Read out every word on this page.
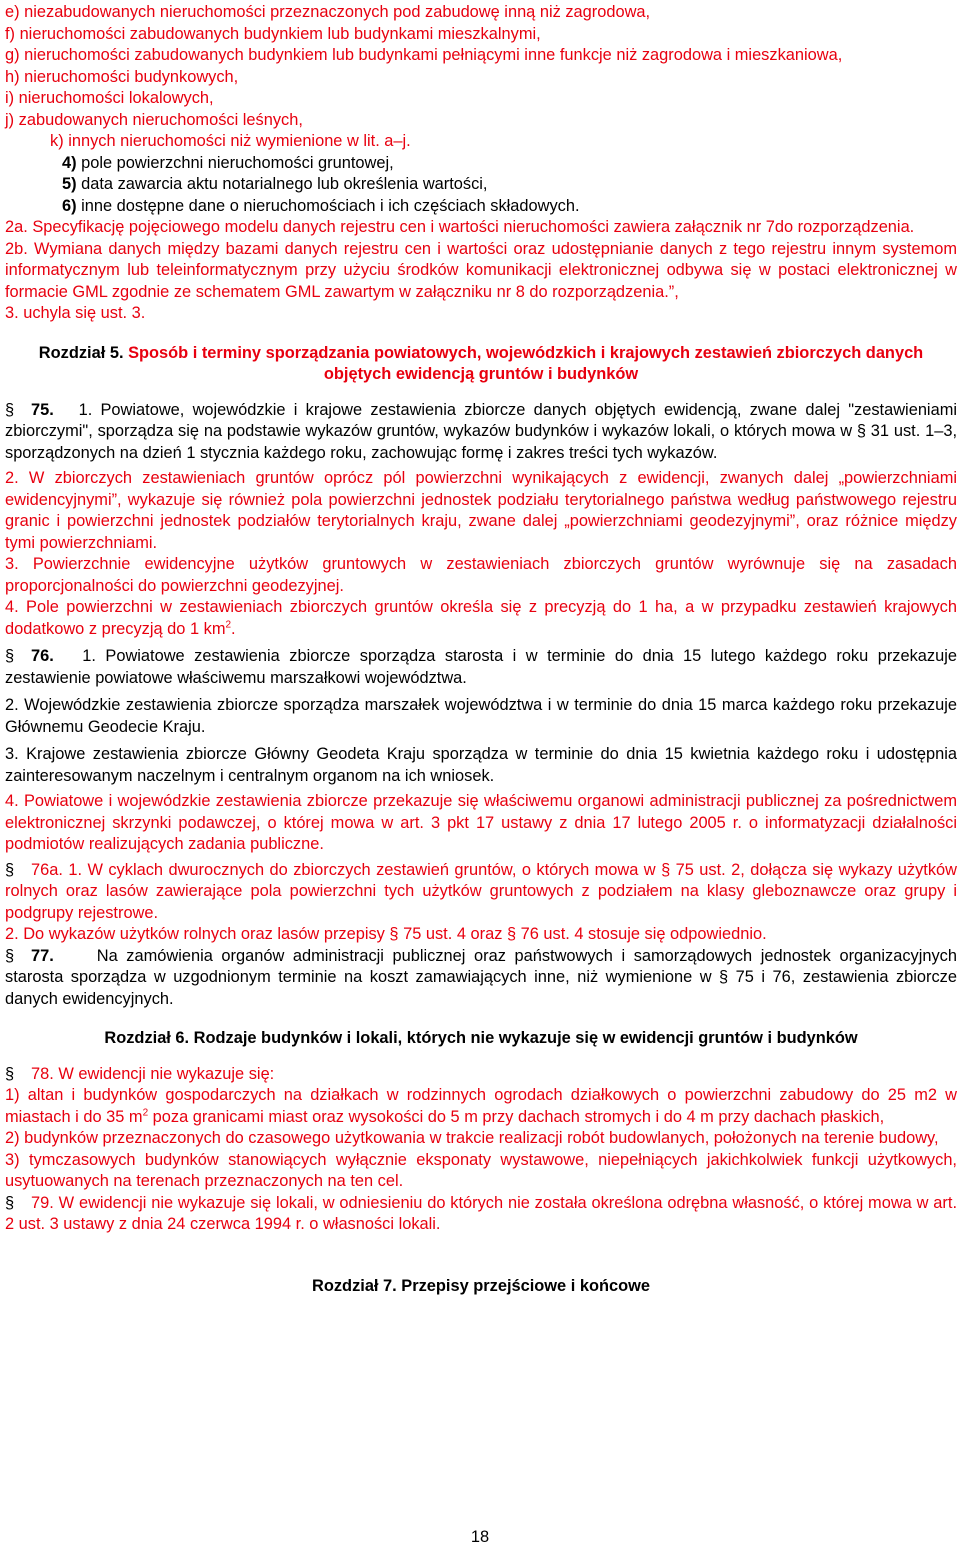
e) niezabudowanych nieruchomości przeznaczonych pod zabudowę inną niż zagrodowa,

f) nieruchomości zabudowanych budynkiem lub budynkami mieszkalnymi,

g) nieruchomości zabudowanych budynkiem lub budynkami pełniącymi inne funkcje niż zagrodowa i mieszkaniowa,

h) nieruchomości budynkowych,

i) nieruchomości lokalowych,

j) zabudowanych nieruchomości leśnych,

k) innych nieruchomości niż wymienione w lit. a–j.

4) pole powierzchni nieruchomości gruntowej,

5) data zawarcia aktu notarialnego lub określenia wartości,

6) inne dostępne dane o nieruchomościach i ich częściach składowych.

2a. Specyfikację pojęciowego modelu danych rejestru cen i wartości nieruchomości zawiera załącznik nr 7do rozporządzenia.

2b. Wymiana danych między bazami danych rejestru cen i wartości oraz udostępnianie danych z tego rejestru innym systemom informatycznym lub teleinformatycznym przy użyciu środków komunikacji elektronicznej odbywa się w postaci elektronicznej w formacie GML zgodnie ze schematem GML zawartym w załączniku nr 8 do rozporządzenia.”,

3. uchyla się ust. 3.

Rozdział 5. Sposób i terminy sporządzania powiatowych, wojewódzkich i krajowych zestawień zbiorczych danych objętych ewidencją gruntów i budynków

§ 75. 1. Powiatowe, wojewódzkie i krajowe zestawienia zbiorcze danych objętych ewidencją, zwane dalej "zestawieniami zbiorczymi", sporządza się na podstawie wykazów gruntów, wykazów budynków i wykazów lokali, o których mowa w § 31 ust. 1–3, sporządzonych na dzień 1 stycznia każdego roku, zachowując formę i zakres treści tych wykazów.

2. W zbiorczych zestawieniach gruntów oprócz pól powierzchni wynikających z ewidencji, zwanych dalej „powierzchniami ewidencyjnymi”, wykazuje się również pola powierzchni jednostek podziału terytorialnego państwa według państwowego rejestru granic i powierzchni jednostek podziałów terytorialnych kraju, zwane dalej „powierzchniami geodezyjnymi”, oraz różnice między tymi powierzchniami.

3. Powierzchnie ewidencyjne użytków gruntowych w zestawieniach zbiorczych gruntów wyrównuje się na zasadach proporcjonalności do powierzchni geodezyjnej.

4. Pole powierzchni w zestawieniach zbiorczych gruntów określa się z precyzją do 1 ha, a w przypadku zestawień krajowych dodatkowo z precyzją do 1 $km^2$.

§ 76. 1. Powiatowe zestawienia zbiorcze sporządza starosta i w terminie do dnia 15 lutego każdego roku przekazuje zestawienie powiatowe właściwemu marszałkowi województwa.

2. Wojewódzkie zestawienia zbiorcze sporządza marszałek województwa i w terminie do dnia 15 marca każdego roku przekazuje Głównemu Geodecie Kraju.

3. Krajowe zestawienia zbiorcze Główny Geodeta Kraju sporządza w terminie do dnia 15 kwietnia każdego roku i udostępnia zainteresowanym naczelnym i centralnym organom na ich wniosek.

4. Powiatowe i wojewódzkie zestawienia zbiorcze przekazuje się właściwemu organowi administracji publicznej za pośrednictwem elektronicznej skrzynki podawczej, o której mowa w art. 3 pkt 17 ustawy z dnia 17 lutego 2005 r. o informatyzacji działalności podmiotów realizujących zadania publiczne.

§ 76a. 1. W cyklach dwurocznych do zbiorczych zestawień gruntów, o których mowa w § 75 ust. 2, dołącza się wykazy użytków rolnych oraz lasów zawierające pola powierzchni tych użytków gruntowych z podziałem na klasy gleboznawcze oraz grupy i podgrupy rejestrowe.

2. Do wykazów użytków rolnych oraz lasów przepisy § 75 ust. 4 oraz § 76 ust. 4 stosuje się odpowiednio.

§ 77.	Na zamówienia organów administracji publicznej oraz państwowych i samorządowych jednostek organizacyjnych starosta sporządza w uzgodnionym terminie na koszt zamawiających inne, niż wymienione w § 75 i 76, zestawienia zbiorcze danych ewidencyjnych.

Rozdział 6. Rodzaje budynków i lokali, których nie wykazuje się w ewidencji gruntów i budynków

§ 78. W ewidencji nie wykazuje się:

1) altan i budynków gospodarczych na działkach w rodzinnych ogrodach działkowych o powierzchni zabudowy do 25 m2 w miastach i do 35 $m^2$ poza granicami miast oraz wysokości do 5 m przy dachach stromych i do 4 m przy dachach płaskich,

2) budynków przeznaczonych do czasowego użytkowania w trakcie realizacji robót budowlanych, położonych na terenie budowy,

3) tymczasowych budynków stanowiących wyłącznie eksponaty wystawowe, niepełniących jakichkolwiek funkcji użytkowych, usytuowanych na terenach przeznaczonych na ten cel.

§ 79. W ewidencji nie wykazuje się lokali, w odniesieniu do których nie została określona odrębna własność, o której mowa w art. 2 ust. 3 ustawy z dnia 24 czerwca 1994 r. o własności lokali.

Rozdział 7. Przepisy przejściowe i końcowe

18
